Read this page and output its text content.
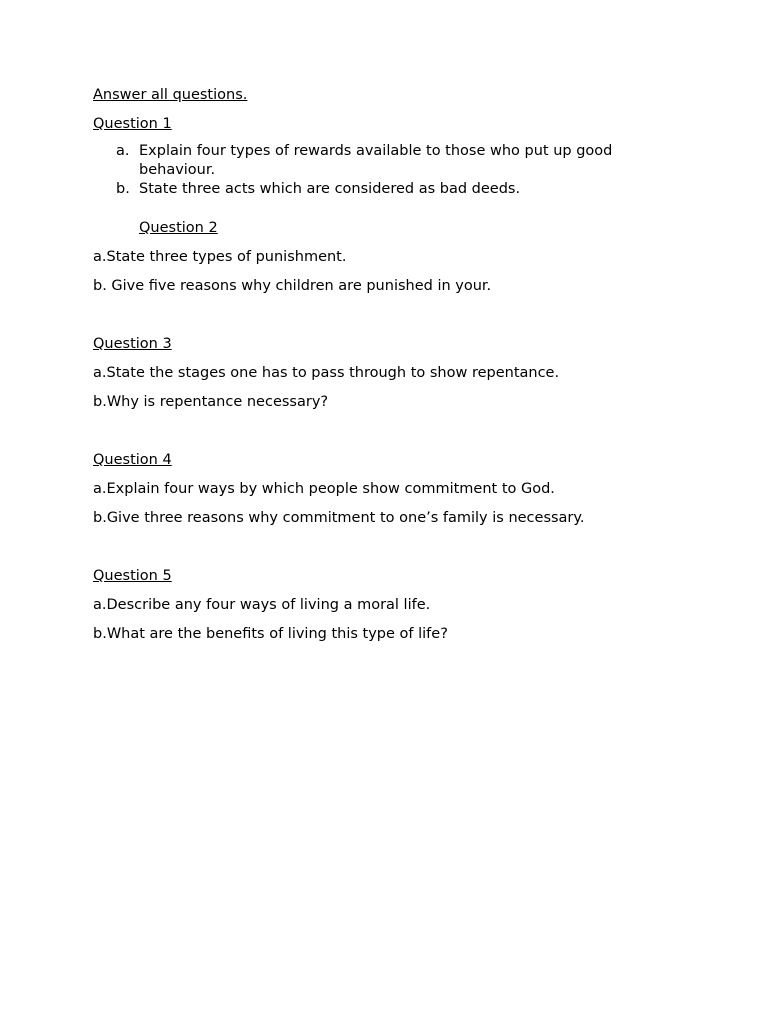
Answer all questions.

Question 1

a. Explain four types of rewards available to those who put up good behaviour.
b. State three acts which are considered as bad deeds.

Question 2

a.State three types of punishment.

b. Give five reasons why children are punished in your.

Question 3

a.State the stages one has to pass through to show repentance.

b.Why is repentance necessary?

Question 4

a.Explain four ways by which people show commitment to God.

b.Give three reasons why commitment to one’s family is necessary.

Question 5

a.Describe any four ways of living a moral life.

b.What are the benefits of living this type of life?
